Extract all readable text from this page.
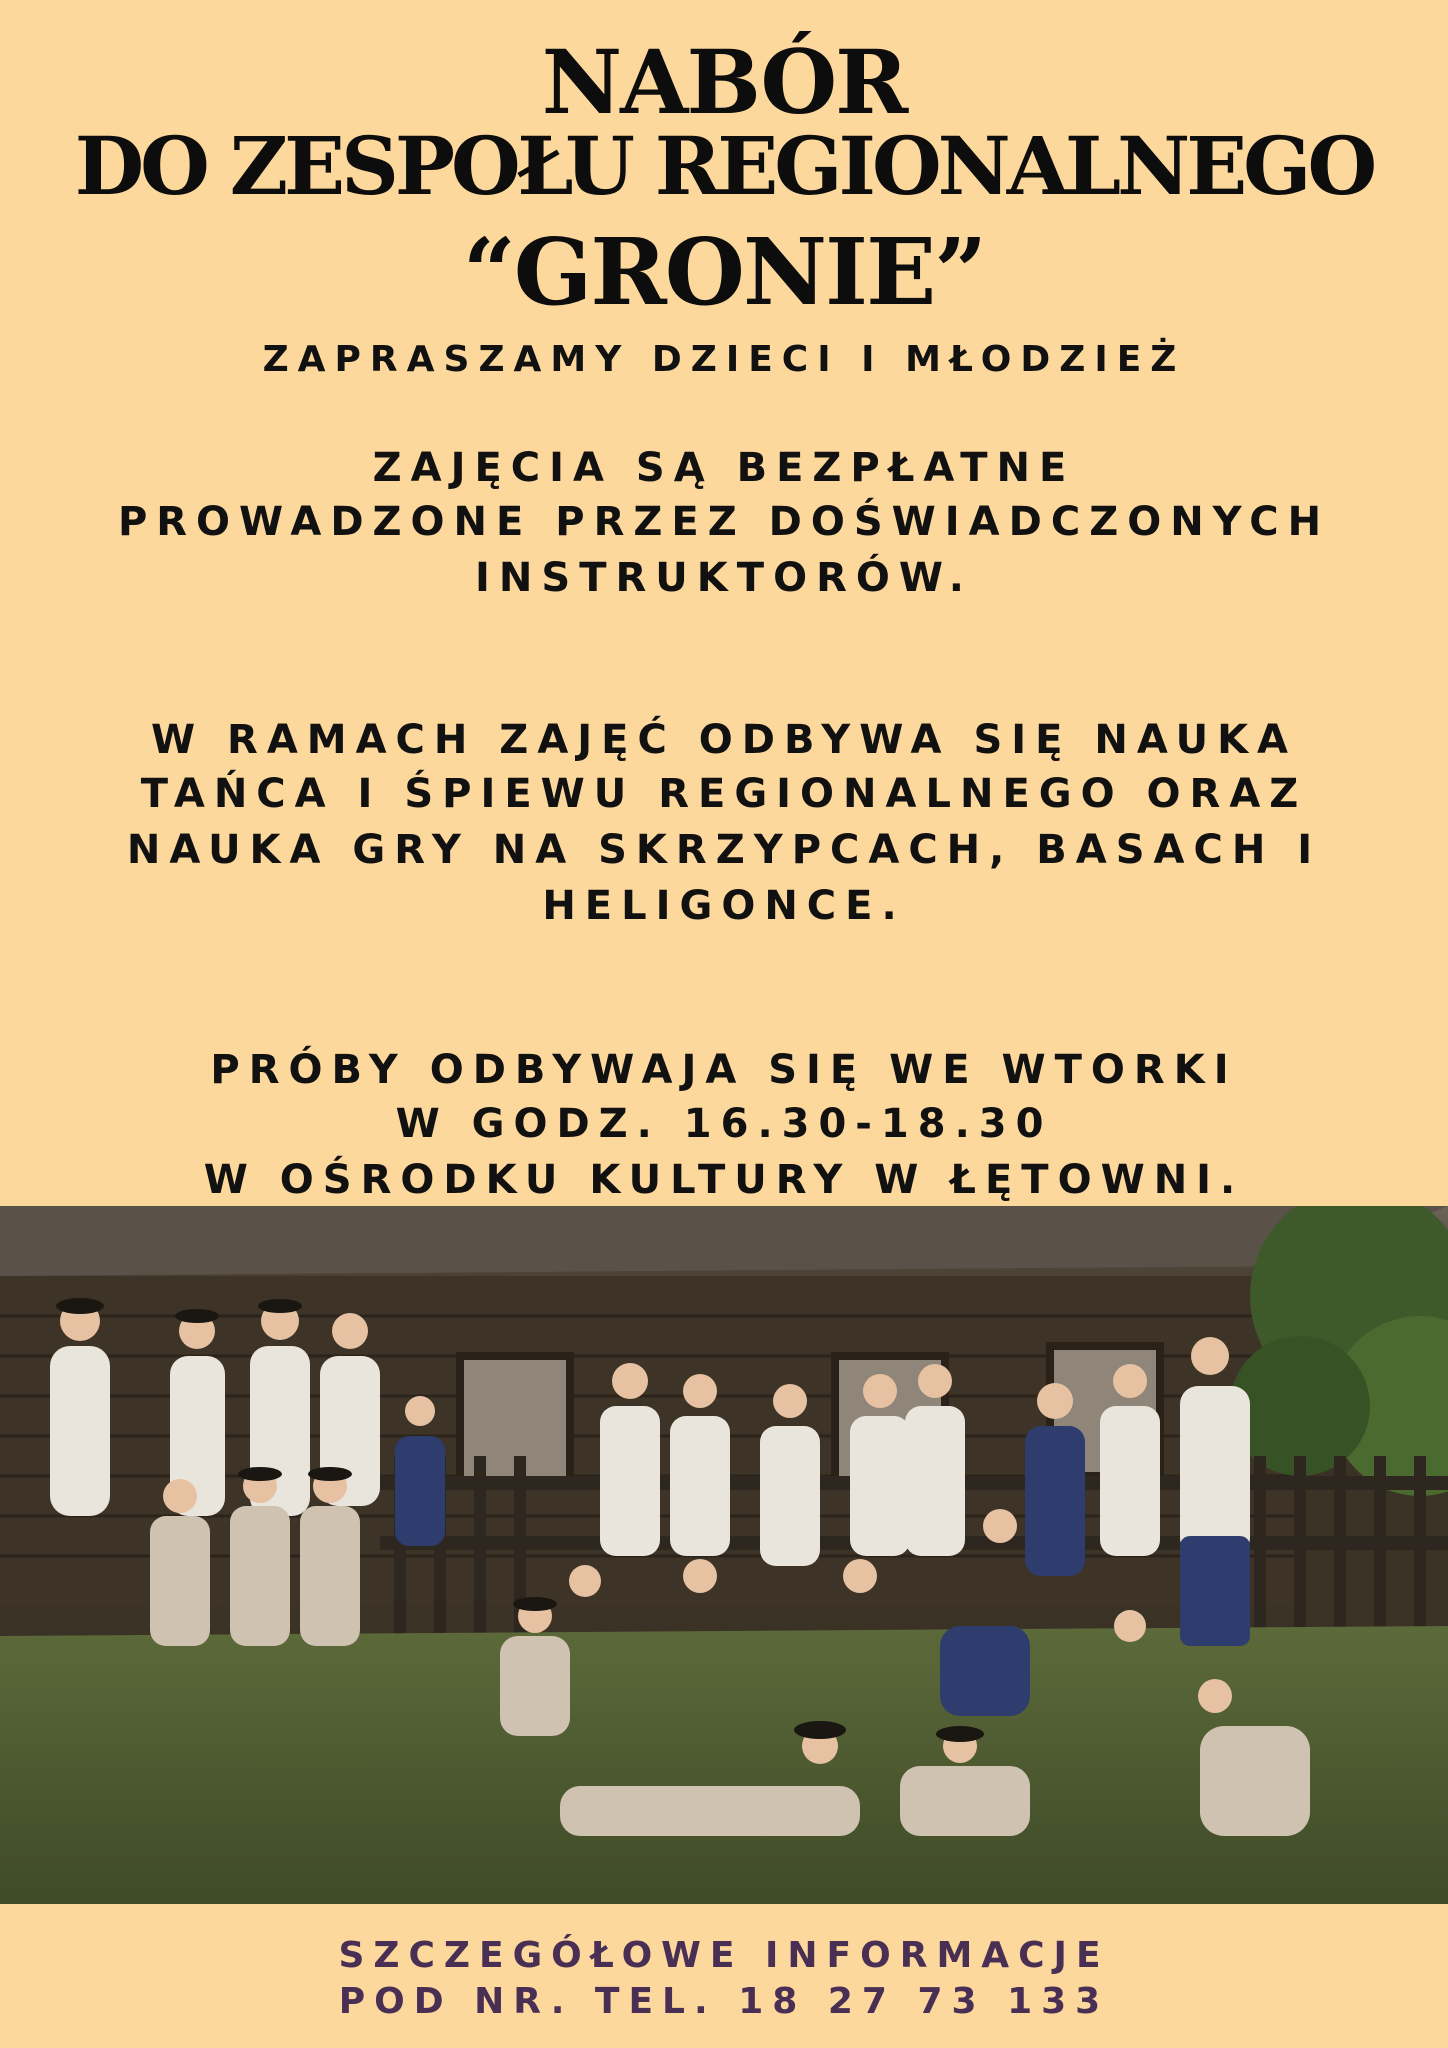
NABÓR
DO ZESPOŁU REGIONALNEGO
“GRONIE”
ZAPRASZAMY DZIECI I MŁODZIEŻ
ZAJĘCIA SĄ BEZPŁATNE
PROWADZONE PRZEZ DOŚWIADCZONYCH
INSTRUKTORÓW.
W RAMACH ZAJĘĆ ODBYWA SIĘ NAUKA
TAŃCA I ŚPIEWU REGIONALNEGO ORAZ
NAUKA GRY NA SKRZYPCACH, BASACH I
HELIGONCE.
PRÓBY ODBYWAJA SIĘ WE WTORKI
W GODZ. 16.30-18.30
W OŚRODKU KULTURY W ŁĘTOWNI.
SZCZEGÓŁOWE INFORMACJE
POD NR. TEL. 18 27 73 133
